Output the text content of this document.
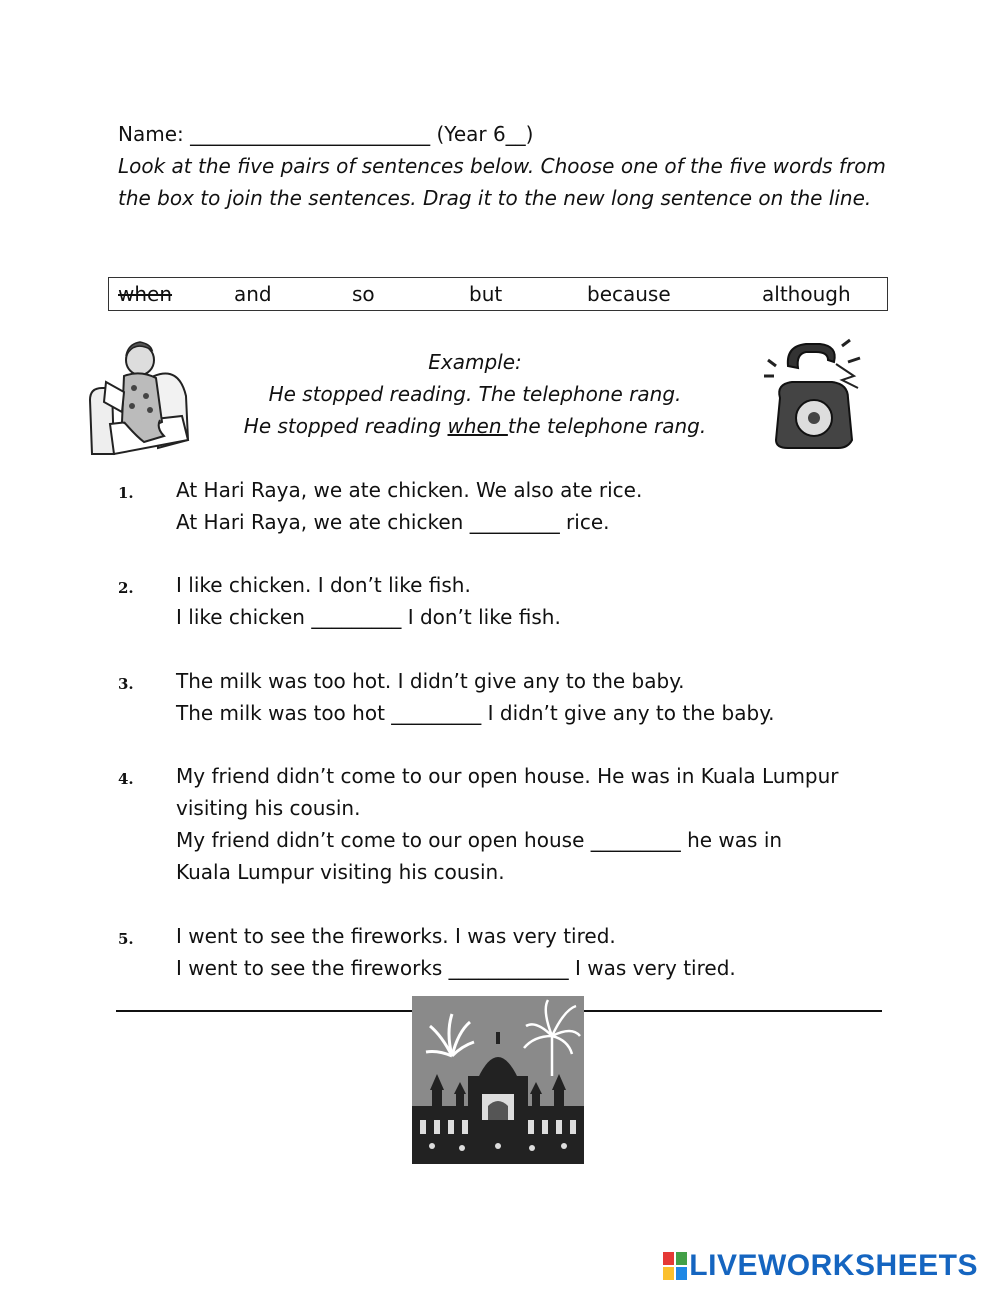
Name: ________________________ (Year 6__)
Look at the five pairs of sentences below. Choose one of the five words from the box to join the sentences. Drag it to the new long sentence on the line.
when	and	so	but	because	although
Example:
He stopped reading. The telephone rang.
He stopped reading when the telephone rang.
1. At Hari Raya, we ate chicken. We also ate rice.
At Hari Raya, we ate chicken _________ rice.
2. I like chicken. I don’t like fish.
I like chicken _________ I don’t like fish.
3. The milk was too hot. I didn’t give any to the baby.
The milk was too hot _________ I didn’t give any to the baby.
4. My friend didn’t come to our open house. He was in Kuala Lumpur
visiting his cousin.
My friend didn’t come to our open house _________ he was in
Kuala Lumpur visiting his cousin.
5. I went to see the fireworks. I was very tired.
I went to see the fireworks ____________ I was very tired.
LIVEWORKSHEETS
